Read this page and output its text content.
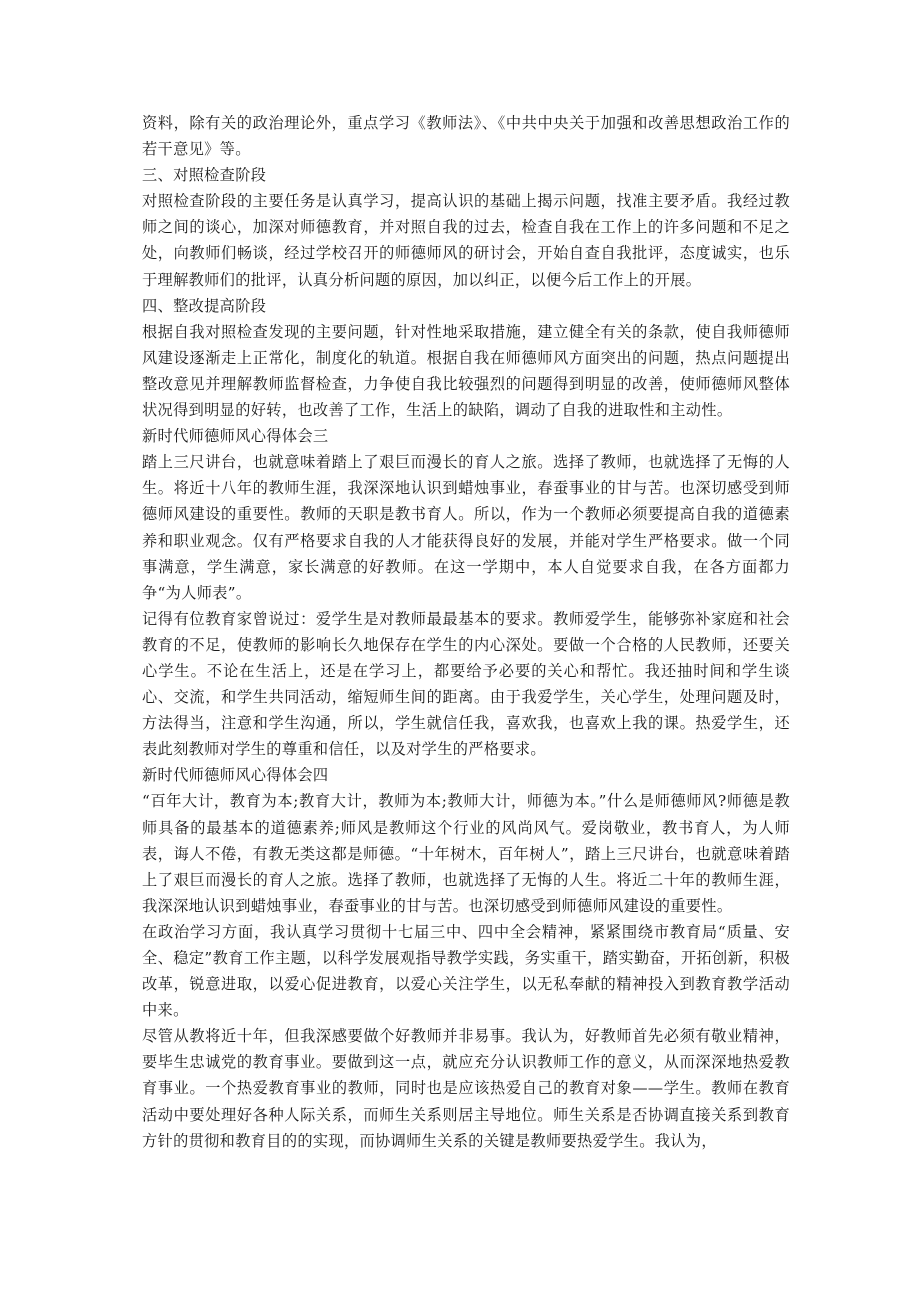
资料，除有关的政治理论外，重点学习《教师法》、《中共中央关于加强和改善思想政治工作的若干意见》等。

三、对照检查阶段

对照检查阶段的主要任务是认真学习，提高认识的基础上揭示问题，找准主要矛盾。我经过教师之间的谈心，加深对师德教育，并对照自我的过去，检查自我在工作上的许多问题和不足之处，向教师们畅谈，经过学校召开的师德师风的研讨会，开始自查自我批评，态度诚实，也乐于理解教师们的批评，认真分析问题的原因，加以纠正，以便今后工作上的开展。

四、整改提高阶段

根据自我对照检查发现的主要问题，针对性地采取措施，建立健全有关的条款，使自我师德师风建设逐渐走上正常化，制度化的轨道。根据自我在师德师风方面突出的问题，热点问题提出整改意见并理解教师监督检查，力争使自我比较强烈的问题得到明显的改善，使师德师风整体状况得到明显的好转，也改善了工作，生活上的缺陷，调动了自我的进取性和主动性。

新时代师德师风心得体会三

踏上三尺讲台，也就意味着踏上了艰巨而漫长的育人之旅。选择了教师，也就选择了无悔的人生。将近十八年的教师生涯，我深深地认识到蜡烛事业，春蚕事业的甘与苦。也深切感受到师德师风建设的重要性。教师的天职是教书育人。所以，作为一个教师必须要提高自我的道德素养和职业观念。仅有严格要求自我的人才能获得良好的发展，并能对学生严格要求。做一个同事满意，学生满意，家长满意的好教师。在这一学期中，本人自觉要求自我，在各方面都力争“为人师表”。

记得有位教育家曾说过：爱学生是对教师最最基本的要求。教师爱学生，能够弥补家庭和社会教育的不足，使教师的影响长久地保存在学生的内心深处。要做一个合格的人民教师，还要关心学生。不论在生活上，还是在学习上，都要给予必要的关心和帮忙。我还抽时间和学生谈心、交流，和学生共同活动，缩短师生间的距离。由于我爱学生，关心学生，处理问题及时，方法得当，注意和学生沟通，所以，学生就信任我，喜欢我，也喜欢上我的课。热爱学生，还表此刻教师对学生的尊重和信任，以及对学生的严格要求。

新时代师德师风心得体会四

“百年大计，教育为本;教育大计，教师为本;教师大计，师德为本。”什么是师德师风?师德是教师具备的最基本的道德素养;师风是教师这个行业的风尚风气。爱岗敬业，教书育人，为人师表，诲人不倦，有教无类这都是师德。“十年树木，百年树人”，踏上三尺讲台，也就意味着踏上了艰巨而漫长的育人之旅。选择了教师，也就选择了无悔的人生。将近二十年的教师生涯，我深深地认识到蜡烛事业，春蚕事业的甘与苦。也深切感受到师德师风建设的重要性。

在政治学习方面，我认真学习贯彻十七届三中、四中全会精神，紧紧围绕市教育局“质量、安全、稳定”教育工作主题，以科学发展观指导教学实践，务实重干，踏实勤奋，开拓创新，积极改革，锐意进取，以爱心促进教育，以爱心关注学生，以无私奉献的精神投入到教育教学活动中来。

尽管从教将近十年，但我深感要做个好教师并非易事。我认为，好教师首先必须有敬业精神，要毕生忠诚党的教育事业。要做到这一点，就应充分认识教师工作的意义，从而深深地热爱教育事业。一个热爱教育事业的教师，同时也是应该热爱自己的教育对象——学生。教师在教育活动中要处理好各种人际关系，而师生关系则居主导地位。师生关系是否协调直接关系到教育方针的贯彻和教育目的的实现，而协调师生关系的关键是教师要热爱学生。我认为，
